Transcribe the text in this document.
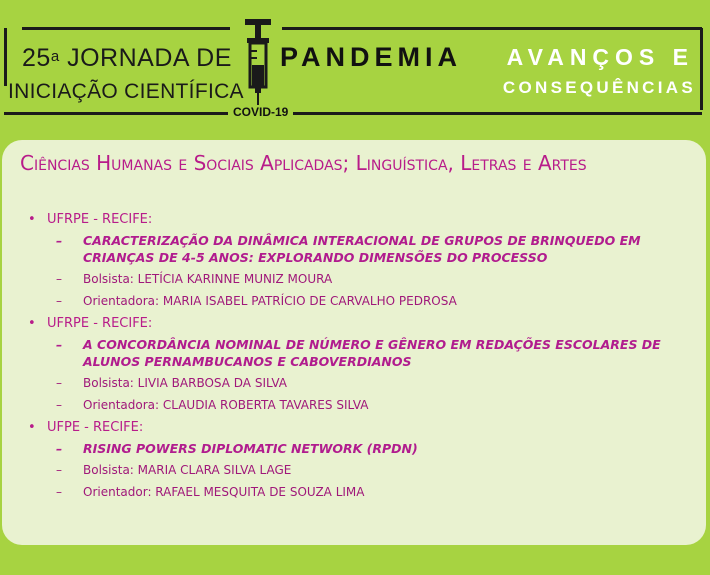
25$^a$ JORNADA DE
INICIAÇÃO CIENTÍFICA
PANDEMIA AVANÇOS E
CONSEQUÊNCIAS
COVID-19
Ciências Humanas e Sociais Aplicadas; Linguística, Letras e Artes
• UFRPE - RECIFE:
– CARACTERIZAÇÃO DA DINÂMICA INTERACIONAL DE GRUPOS DE BRINQUEDO EM CRIANÇAS DE 4-5 ANOS: EXPLORANDO DIMENSÕES DO PROCESSO
– Bolsista: LETÍCIA KARINNE MUNIZ MOURA
– Orientadora: MARIA ISABEL PATRÍCIO DE CARVALHO PEDROSA
• UFRPE - RECIFE:
– A CONCORDÂNCIA NOMINAL DE NÚMERO E GÊNERO EM REDAÇÕES ESCOLARES DE ALUNOS PERNAMBUCANOS E CABOVERDIANOS
– Bolsista: LIVIA BARBOSA DA SILVA
– Orientadora: CLAUDIA ROBERTA TAVARES SILVA
• UFPE - RECIFE:
– RISING POWERS DIPLOMATIC NETWORK (RPDN)
– Bolsista: MARIA CLARA SILVA LAGE
– Orientador: RAFAEL MESQUITA DE SOUZA LIMA
